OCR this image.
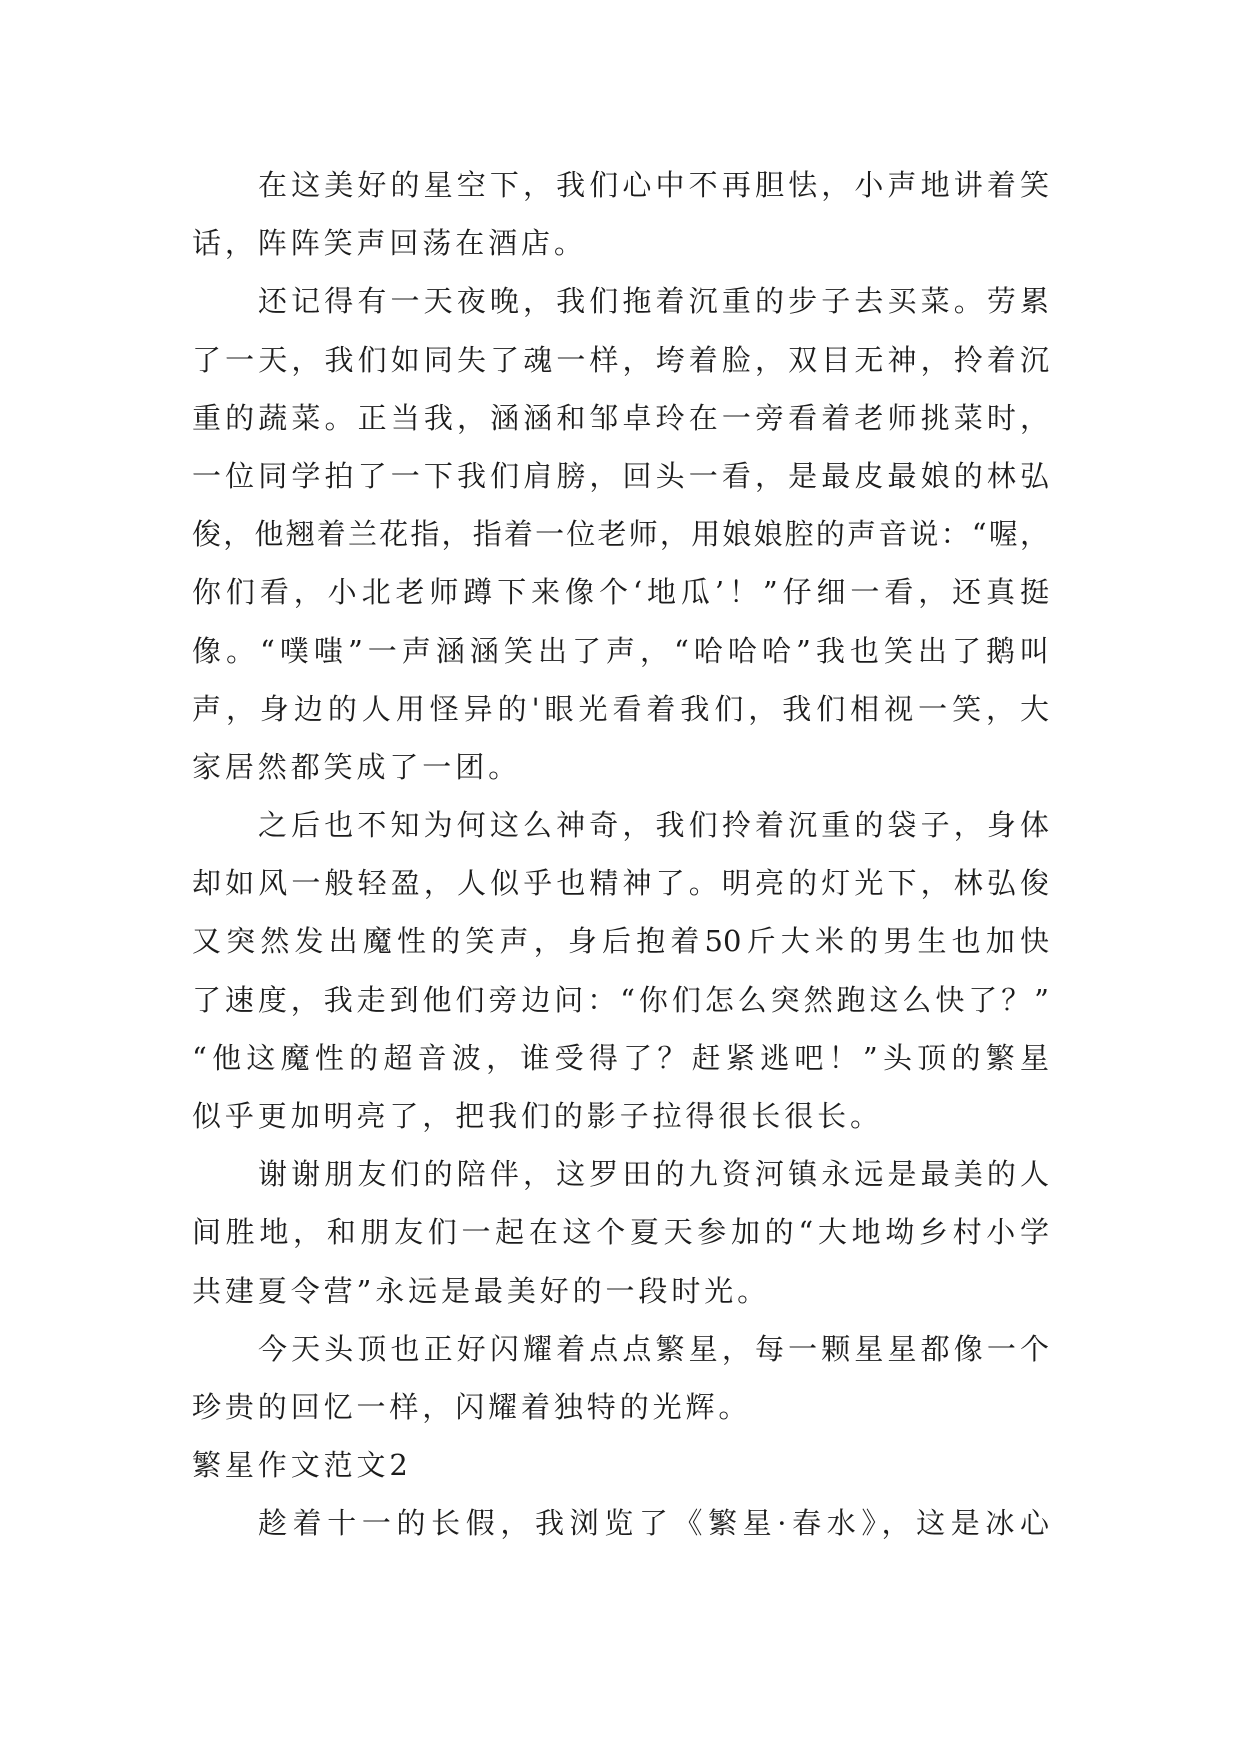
在这美好的星空下，我们心中不再胆怯，小声地讲着笑
话，阵阵笑声回荡在酒店。
还记得有一天夜晚，我们拖着沉重的步子去买菜。劳累
了一天，我们如同失了魂一样，垮着脸，双目无神，拎着沉
重的蔬菜。正当我，涵涵和邹卓玲在一旁看着老师挑菜时，
一位同学拍了一下我们肩膀，回头一看，是最皮最娘的林弘
俊，他翘着兰花指，指着一位老师，用娘娘腔的声音说：“喔，
你们看，小北老师蹲下来像个‘地瓜’！”仔细一看，还真挺
像。“噗嗤”一声涵涵笑出了声，“哈哈哈”我也笑出了鹅叫
声，身边的人用怪异的'眼光看着我们，我们相视一笑，大
家居然都笑成了一团。
之后也不知为何这么神奇，我们拎着沉重的袋子，身体
却如风一般轻盈，人似乎也精神了。明亮的灯光下，林弘俊
又突然发出魔性的笑声，身后抱着50斤大米的男生也加快
了速度，我走到他们旁边问：“你们怎么突然跑这么快了？”
“他这魔性的超音波，谁受得了？赶紧逃吧！”头顶的繁星
似乎更加明亮了，把我们的影子拉得很长很长。
谢谢朋友们的陪伴，这罗田的九资河镇永远是最美的人
间胜地，和朋友们一起在这个夏天参加的“大地坳乡村小学
共建夏令营”永远是最美好的一段时光。
今天头顶也正好闪耀着点点繁星，每一颗星星都像一个
珍贵的回忆一样，闪耀着独特的光辉。
繁星作文范文2
趁着十一的长假，我浏览了《繁星·春水》，这是冰心
